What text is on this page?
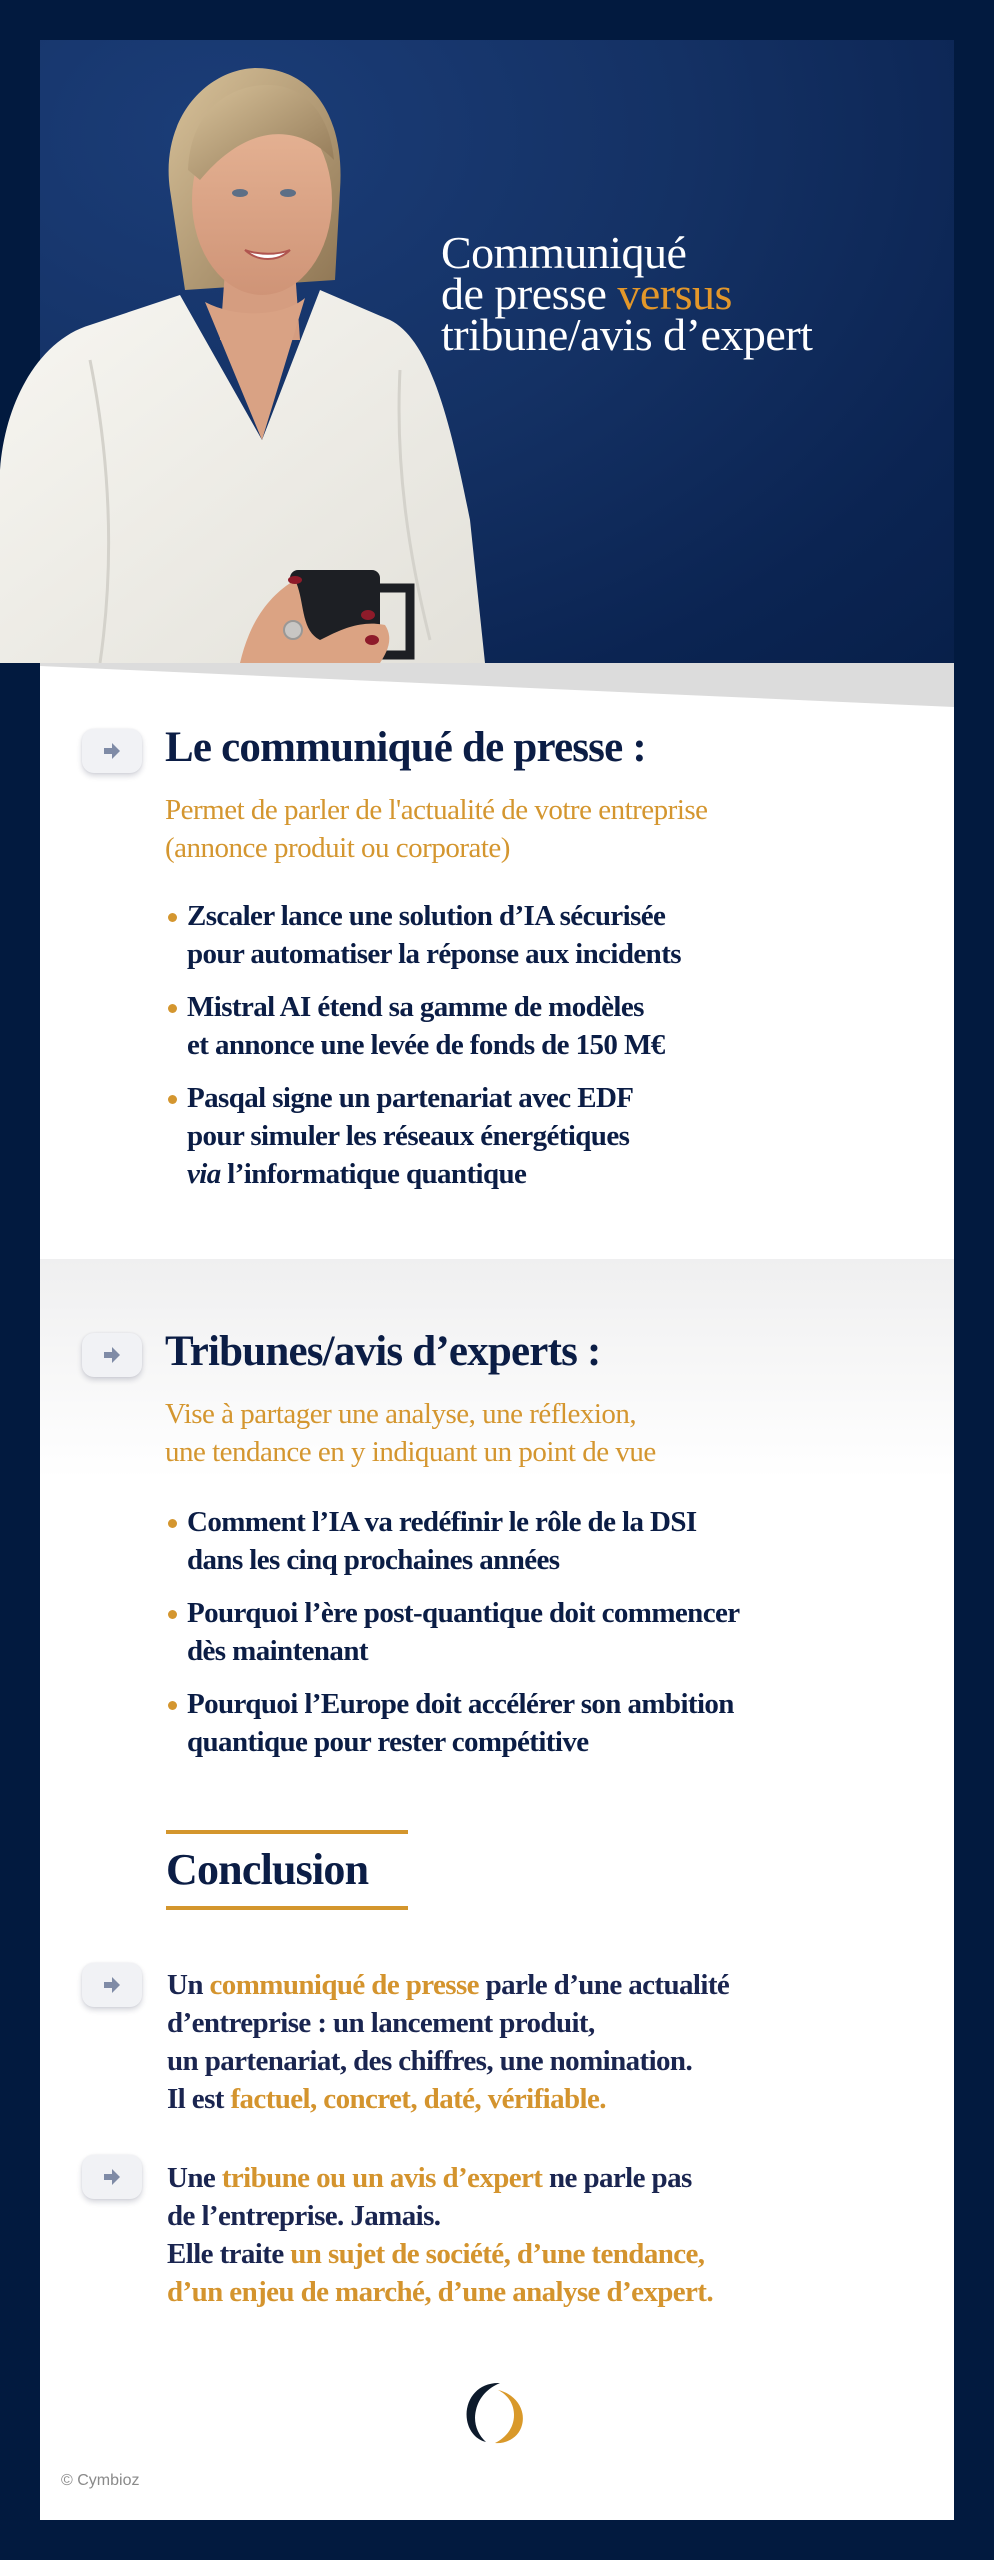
Communiqué
de presse versus
tribune/avis d’expert
Le communiqué de presse :
Permet de parler de l'actualité de votre entreprise
(annonce produit ou corporate)
Zscaler lance une solution d’IA sécurisée
pour automatiser la réponse aux incidents
Mistral AI étend sa gamme de modèles
et annonce une levée de fonds de 150 M€
Pasqal signe un partenariat avec EDF
pour simuler les réseaux énergétiques
via l’informatique quantique
Tribunes/avis d’experts :
Vise à partager une analyse, une réflexion,
une tendance en y indiquant un point de vue
Comment l’IA va redéfinir le rôle de la DSI
dans les cinq prochaines années
Pourquoi l’ère post-quantique doit commencer
dès maintenant
Pourquoi l’Europe doit accélérer son ambition
quantique pour rester compétitive
Conclusion
Un communiqué de presse parle d’une actualité
d’entreprise : un lancement produit,
un partenariat, des chiffres, une nomination.
Il est factuel, concret, daté, vérifiable.
Une tribune ou un avis d’expert ne parle pas
de l’entreprise. Jamais.
Elle traite un sujet de société, d’une tendance,
d’un enjeu de marché, d’une analyse d’expert.
© Cymbioz
